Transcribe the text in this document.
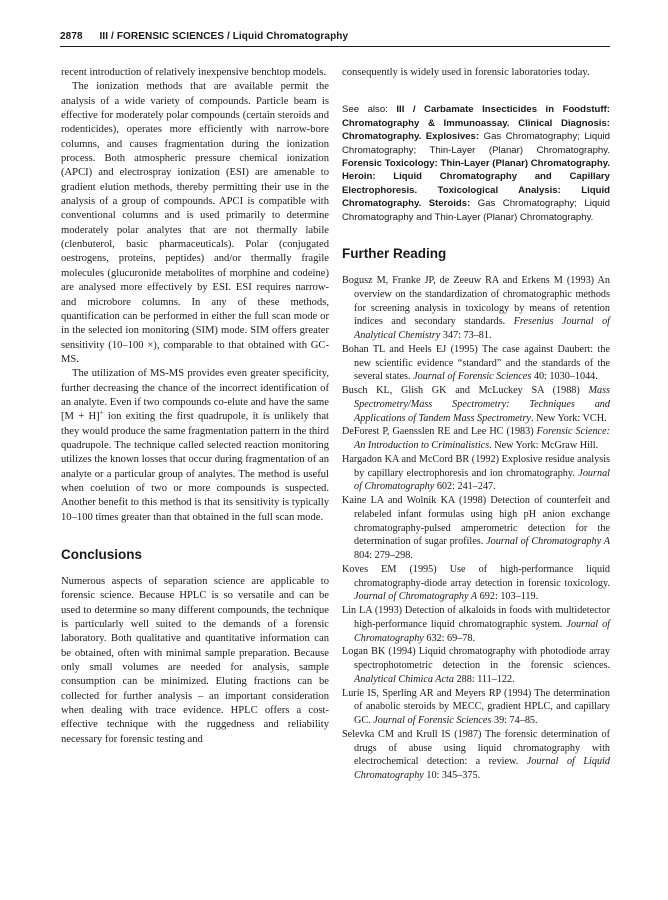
2878 III / FORENSIC SCIENCES / Liquid Chromatography

recent introduction of relatively inexpensive benchtop models.

The ionization methods that are available permit the analysis of a wide variety of compounds. Particle beam is effective for moderately polar compounds (certain steroids and rodenticides), operates more efficiently with narrow-bore columns, and causes fragmentation during the ionization process. Both atmospheric pressure chemical ionization (APCI) and electrospray ionization (ESI) are amenable to gradient elution methods, thereby permitting their use in the analysis of a group of compounds. APCI is compatible with conventional columns and is used primarily to determine moderately polar analytes that are not thermally labile (clenbuterol, basic pharmaceuticals). Polar (conjugated oestrogens, proteins, peptides) and/or thermally fragile molecules (glucuronide metabolites of morphine and codeine) are analysed more effectively by ESI. ESI requires narrow- and microbore columns. In any of these methods, quantification can be performed in either the full scan mode or in the selected ion monitoring (SIM) mode. SIM offers greater sensitivity (10–100 ×), comparable to that obtained with GC-MS.

The utilization of MS-MS provides even greater specificity, further decreasing the chance of the incorrect identification of an analyte. Even if two compounds co-elute and have the same [M + H]+ ion exiting the first quadrupole, it is unlikely that they would produce the same fragmentation pattern in the third quadrupole. The technique called selected reaction monitoring utilizes the known losses that occur during fragmentation of an analyte or a particular group of analytes. The method is useful when coelution of two or more compounds is suspected. Another benefit to this method is that its sensitivity is typically 10–100 times greater than that obtained in the full scan mode.

Conclusions

Numerous aspects of separation science are applicable to forensic science. Because HPLC is so versatile and can be used to determine so many different compounds, the technique is particularly well suited to the demands of a forensic laboratory. Both qualitative and quantitative information can be obtained, often with minimal sample preparation. Because only small volumes are needed for analysis, sample consumption can be minimized. Eluting fractions can be collected for further analysis – an important consideration when dealing with trace evidence. HPLC offers a cost-effective technique with the ruggedness and reliability necessary for forensic testing and

consequently is widely used in forensic laboratories today.

See also: III / Carbamate Insecticides in Foodstuff: Chromatography & Immunoassay. Clinical Diagnosis: Chromatography. Explosives: Gas Chromatography; Liquid Chromatography; Thin-Layer (Planar) Chromatography. Forensic Toxicology: Thin-Layer (Planar) Chromatography. Heroin: Liquid Chromatography and Capillary Electrophoresis. Toxicological Analysis: Liquid Chromatography. Steroids: Gas Chromatography; Liquid Chromatography and Thin-Layer (Planar) Chromatography.

Further Reading

Bogusz M, Franke JP, de Zeeuw RA and Erkens M (1993) An overview on the standardization of chromatographic methods for screening analysis in toxicology by means of retention indices and secondary standards. Fresenius Journal of Analytical Chemistry 347: 73–81.

Bohan TL and Heels EJ (1995) The case against Daubert: the new scientific evidence “standard” and the standards of the several states. Journal of Forensic Sciences 40: 1030–1044.

Busch KL, Glish GK and McLuckey SA (1988) Mass Spectrometry/Mass Spectrometry: Techniques and Applications of Tandem Mass Spectrometry. New York: VCH.

DeForest P, Gaensslen RE and Lee HC (1983) Forensic Science: An Introduction to Criminalistics. New York: McGraw Hill.

Hargadon KA and McCord BR (1992) Explosive residue analysis by capillary electrophoresis and ion chromatography. Journal of Chromatography 602: 241–247.

Kaine LA and Wolnik KA (1998) Detection of counterfeit and relabeled infant formulas using high pH anion exchange chromatography-pulsed amperometric detection for the determination of sugar profiles. Journal of Chromatography A 804: 279–298.

Koves EM (1995) Use of high-performance liquid chromatography-diode array detection in forensic toxicology. Journal of Chromatography A 692: 103–119.

Lin LA (1993) Detection of alkaloids in foods with multidetector high-performance liquid chromatographic system. Journal of Chromatography 632: 69–78.

Logan BK (1994) Liquid chromatography with photodiode array spectrophotometric detection in the forensic sciences. Analytical Chimica Acta 288: 111–122.

Lurie IS, Sperling AR and Meyers RP (1994) The determination of anabolic steroids by MECC, gradient HPLC, and capillary GC. Journal of Forensic Sciences 39: 74–85.

Selevka CM and Krull IS (1987) The forensic determination of drugs of abuse using liquid chromatography with electrochemical detection: a review. Journal of Liquid Chromatography 10: 345–375.
